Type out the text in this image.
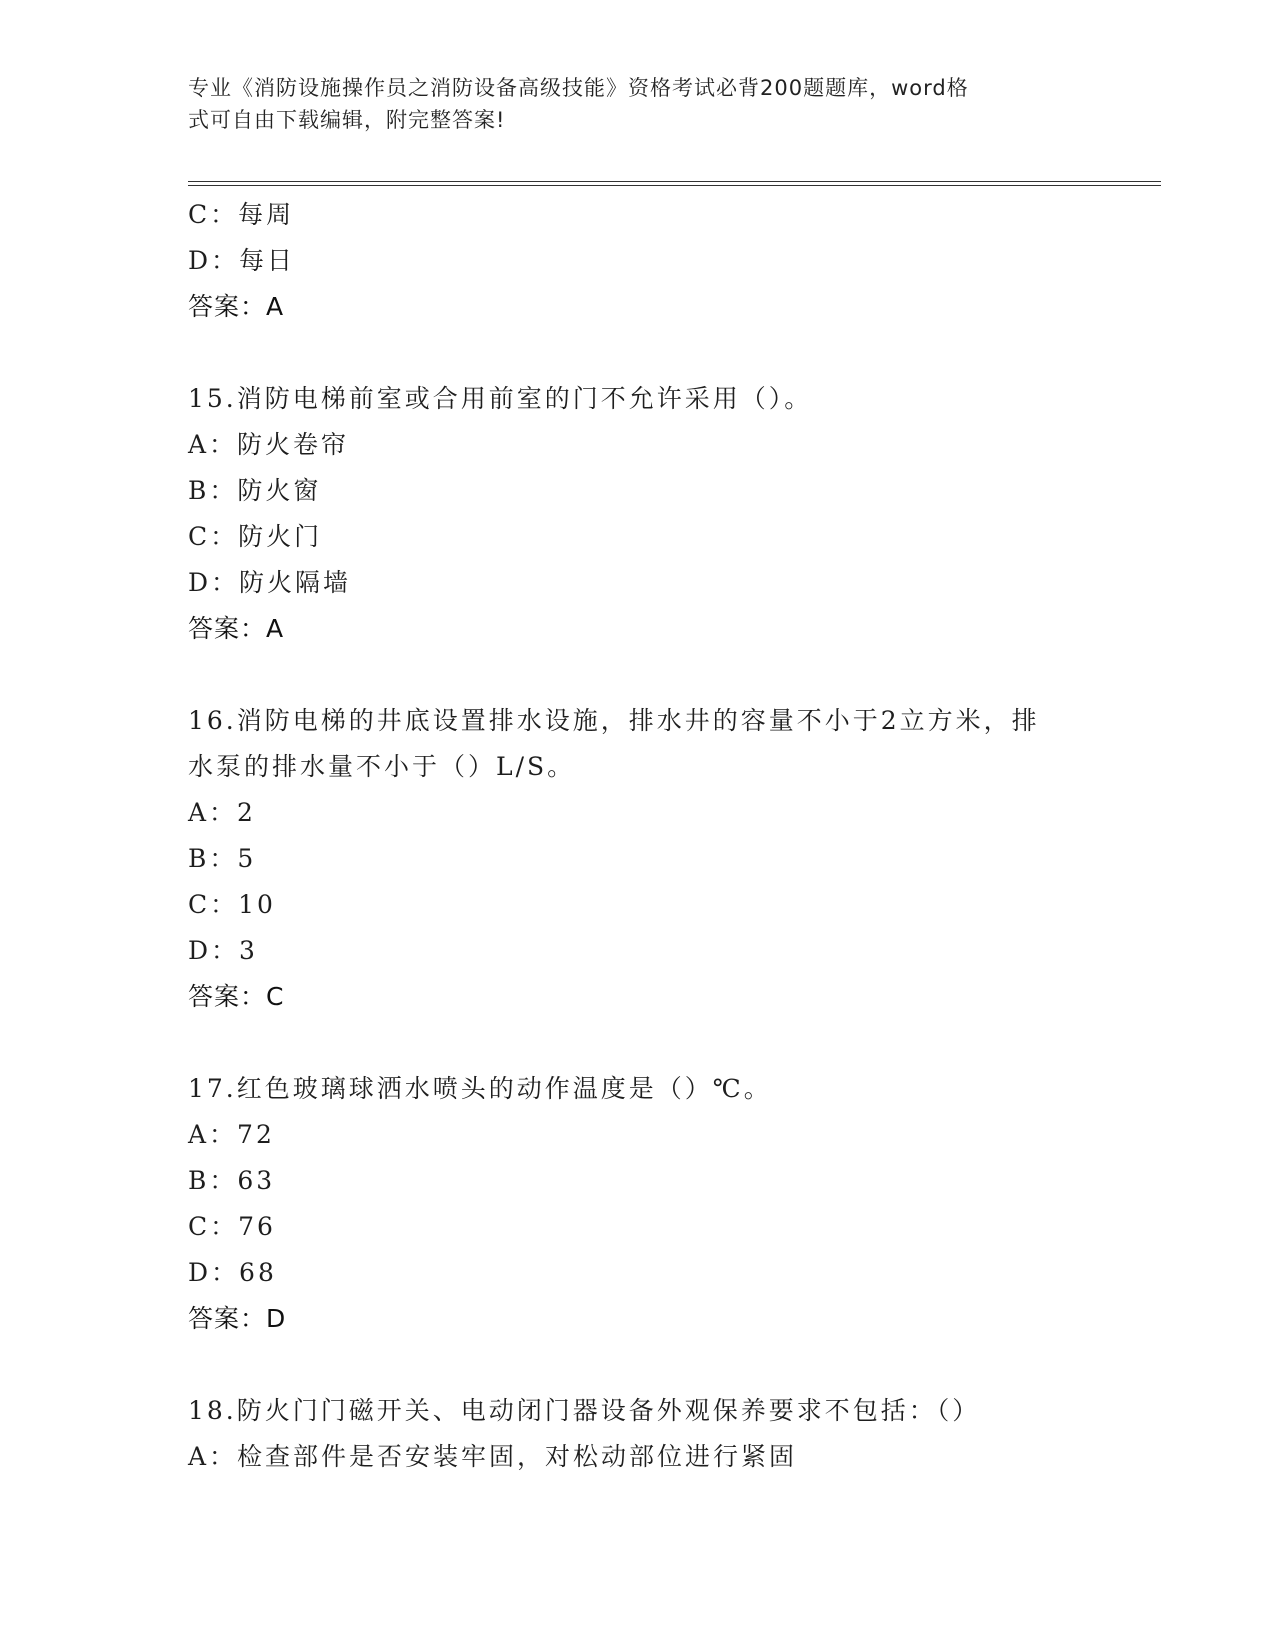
专业《消防设施操作员之消防设备高级技能》资格考试必背200题题库，word格
式可自由下载编辑，附完整答案!
C：每周
D：每日
答案：A
15.消防电梯前室或合用前室的门不允许采用（）。
A：防火卷帘
B：防火窗
C：防火门
D：防火隔墙
答案：A
16.消防电梯的井底设置排水设施，排水井的容量不小于2立方米，排
水泵的排水量不小于（）L/S。
A：2
B：5
C：10
D：3
答案：C
17.红色玻璃球洒水喷头的动作温度是（）℃。
A：72
B：63
C：76
D：68
答案：D
18.防火门门磁开关、电动闭门器设备外观保养要求不包括：（）
A：检查部件是否安装牢固，对松动部位进行紧固
